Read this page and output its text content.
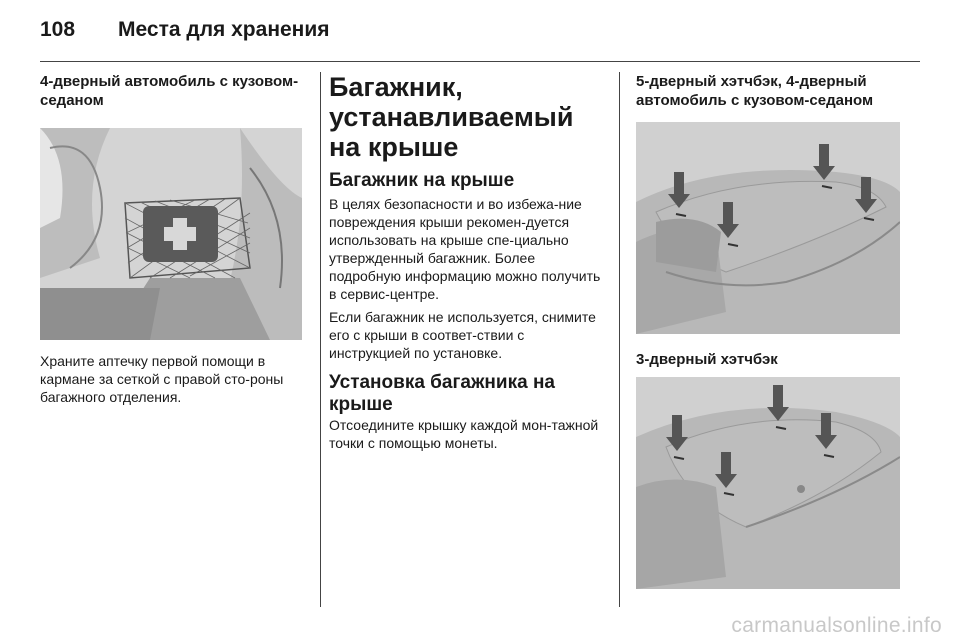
108 Места для хранения
4-дверный автомобиль с кузовом-седаном

Храните аптечку первой помощи в кармане за сеткой с правой сто-роны багажного отделения.

Багажник, устанавливаемый на крыше
Багажник на крыше

В целях безопасности и во избежа-ние повреждения крыши рекомен-дуется использовать на крыше спе-циально утвержденный багажник. Более подробную информацию можно получить в сервис-центре.

Если багажник не используется, снимите его с крыши в соответ-ствии с инструкцией по установке.

Установка багажника на крыше

Отсоедините крышку каждой мон-тажной точки с помощью монеты.

5-дверный хэтчбэк, 4-дверный автомобиль с кузовом-седаном
3-дверный хэтчбэк
carmanualsonline.info
